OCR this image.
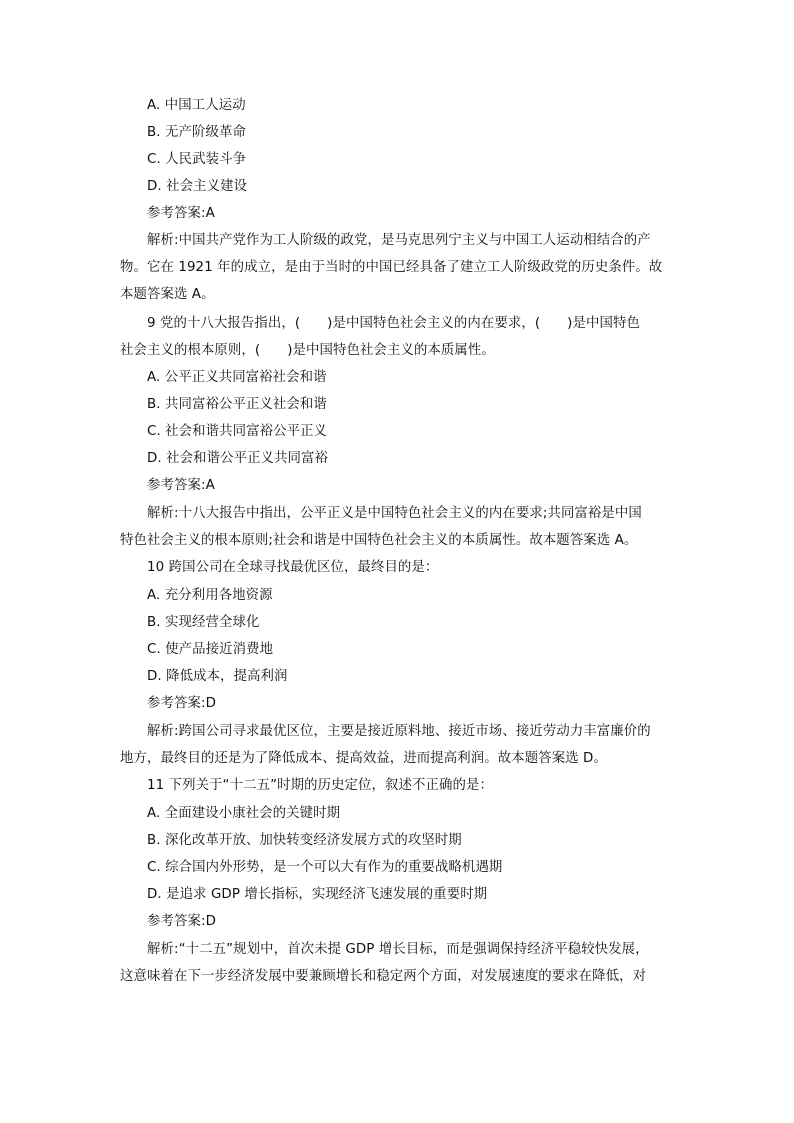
A. 中国工人运动
B. 无产阶级革命
C. 人民武装斗争
D. 社会主义建设
参考答案:A
解析:中国共产党作为工人阶级的政党，是马克思列宁主义与中国工人运动相结合的产
物。它在 1921 年的成立，是由于当时的中国已经具备了建立工人阶级政党的历史条件。故
本题答案选 A。
9 党的十八大报告指出，(　　)是中国特色社会主义的内在要求，(　　)是中国特色
社会主义的根本原则，(　　)是中国特色社会主义的本质属性。
A. 公平正义共同富裕社会和谐
B. 共同富裕公平正义社会和谐
C. 社会和谐共同富裕公平正义
D. 社会和谐公平正义共同富裕
参考答案:A
解析:十八大报告中指出，公平正义是中国特色社会主义的内在要求;共同富裕是中国
特色社会主义的根本原则;社会和谐是中国特色社会主义的本质属性。故本题答案选 A。
10 跨国公司在全球寻找最优区位，最终目的是：
A. 充分利用各地资源
B. 实现经营全球化
C. 使产品接近消费地
D. 降低成本，提高利润
参考答案:D
解析:跨国公司寻求最优区位，主要是接近原料地、接近市场、接近劳动力丰富廉价的
地方，最终目的还是为了降低成本、提高效益，进而提高利润。故本题答案选 D。
11 下列关于“十二五”时期的历史定位，叙述不正确的是：
A. 全面建设小康社会的关键时期
B. 深化改革开放、加快转变经济发展方式的攻坚时期
C. 综合国内外形势，是一个可以大有作为的重要战略机遇期
D. 是追求 GDP 增长指标，实现经济飞速发展的重要时期
参考答案:D
解析:“十二五”规划中，首次未提 GDP 增长目标，而是强调保持经济平稳较快发展，
这意味着在下一步经济发展中要兼顾增长和稳定两个方面，对发展速度的要求在降低，对
